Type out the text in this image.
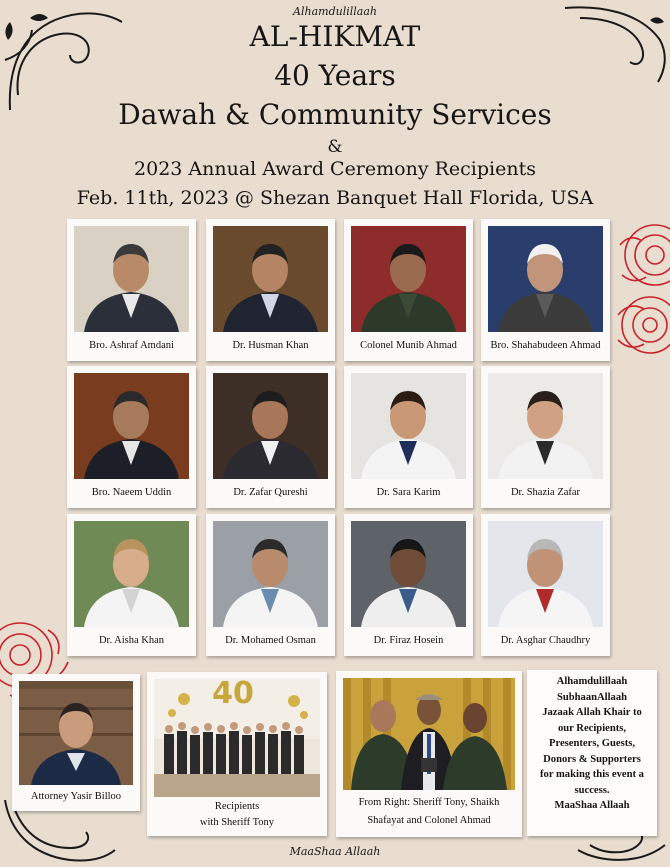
Alhamdulillaah
AL-HIKMAT
40 Years
Dawah & Community Services
&
2023 Annual Award Ceremony Recipients
Feb. 11th, 2023 @ Shezan Banquet Hall Florida, USA
Bro. Ashraf Amdani	Dr. Husman Khan	Colonel Munib Ahmad	Bro. Shahabudeen Ahmad
Bro. Naeem Uddin	Dr. Zafar Qureshi	Dr. Sara Karim	Dr. Shazia Zafar
Dr. Aisha Khan	Dr. Mohamed Osman	Dr. Firaz Hosein	Dr. Asghar Chaudhry
Attorney Yasir Billoo
40
Recipients
with Sheriff Tony
From Right: Sheriff Tony, Shaikh
Shafayat and Colonel Ahmad
Alhamdulillaah
SubhaanAllaah
Jazaak Allah Khair to
our Recipients,
Presenters, Guests,
Donors & Supporters
for making this event a
success.
MaaShaa Allaah
MaaShaa Allaah
